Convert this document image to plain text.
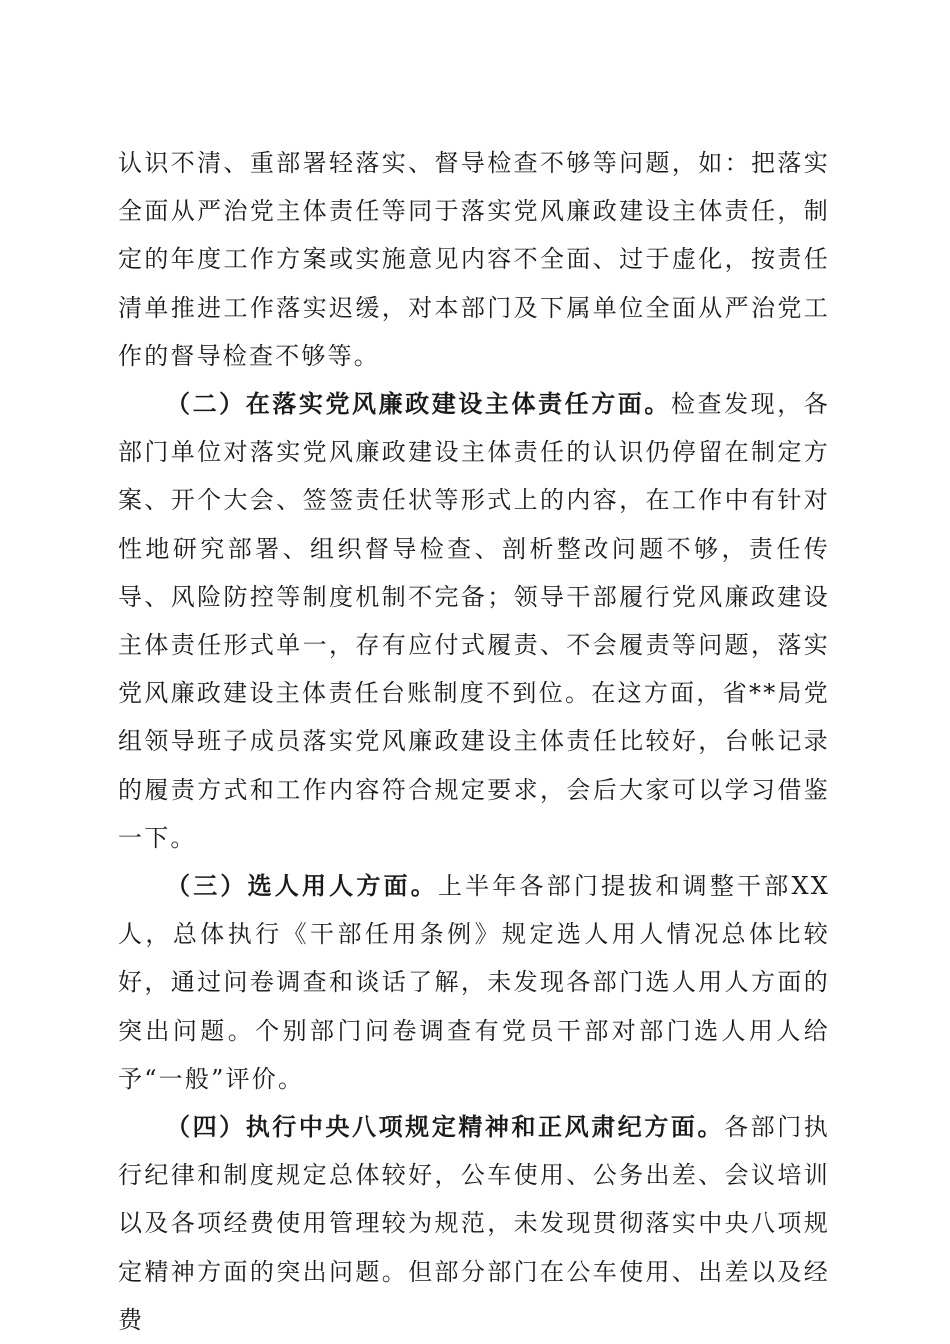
认识不清、重部署轻落实、督导检查不够等问题，如：把落实全面从严治党主体责任等同于落实党风廉政建设主体责任，制定的年度工作方案或实施意见内容不全面、过于虚化，按责任清单推进工作落实迟缓，对本部门及下属单位全面从严治党工作的督导检查不够等。

（二）在落实党风廉政建设主体责任方面。检查发现，各部门单位对落实党风廉政建设主体责任的认识仍停留在制定方案、开个大会、签签责任状等形式上的内容，在工作中有针对性地研究部署、组织督导检查、剖析整改问题不够，责任传导、风险防控等制度机制不完备；领导干部履行党风廉政建设主体责任形式单一，存有应付式履责、不会履责等问题，落实党风廉政建设主体责任台账制度不到位。在这方面，省**局党组领导班子成员落实党风廉政建设主体责任比较好，台帐记录的履责方式和工作内容符合规定要求，会后大家可以学习借鉴一下。

（三）选人用人方面。上半年各部门提拔和调整干部XX人，总体执行《干部任用条例》规定选人用人情况总体比较好，通过问卷调查和谈话了解，未发现各部门选人用人方面的突出问题。个别部门问卷调查有党员干部对部门选人用人给予“一般”评价。

（四）执行中央八项规定精神和正风肃纪方面。各部门执行纪律和制度规定总体较好，公车使用、公务出差、会议培训以及各项经费使用管理较为规范，未发现贯彻落实中央八项规定精神方面的突出问题。但部分部门在公车使用、出差以及经费
